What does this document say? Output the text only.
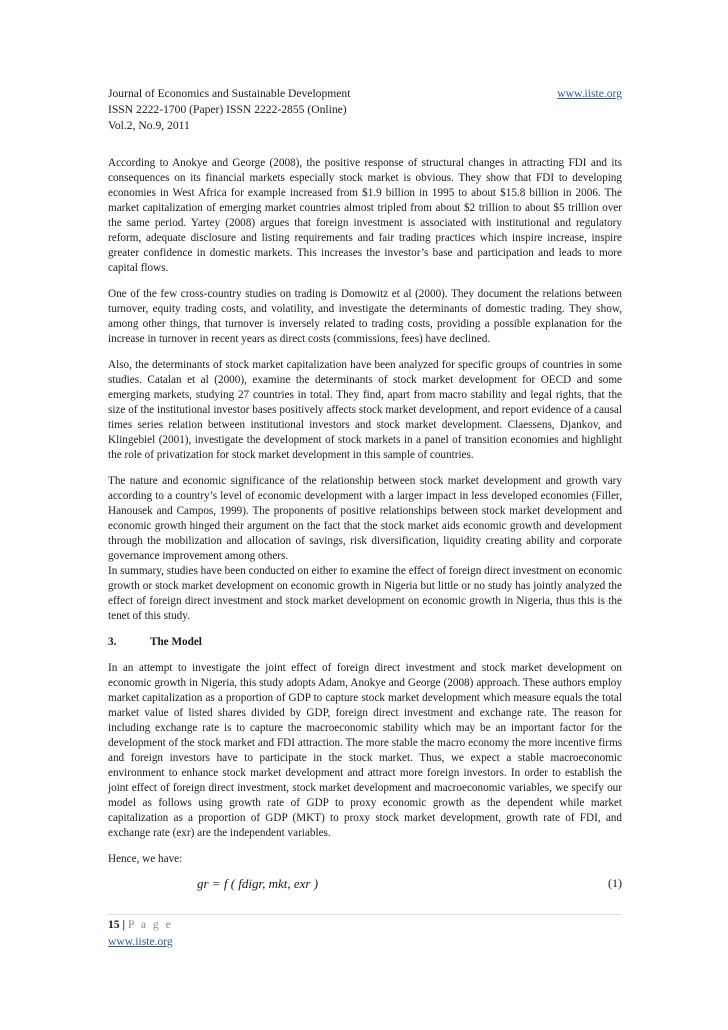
Journal of Economics and Sustainable Development
ISSN 2222-1700 (Paper) ISSN 2222-2855 (Online)
Vol.2, No.9, 2011
www.iiste.org

According to Anokye and George (2008), the positive response of structural changes in attracting FDI and its consequences on its financial markets especially stock market is obvious. They show that FDI to developing economies in West Africa for example increased from $1.9 billion in 1995 to about $15.8 billion in 2006. The market capitalization of emerging market countries almost tripled from about $2 trillion to about $5 trillion over the same period. Yartey (2008) argues that foreign investment is associated with institutional and regulatory reform, adequate disclosure and listing requirements and fair trading practices which inspire increase, inspire greater confidence in domestic markets. This increases the investor’s base and participation and leads to more capital flows.

One of the few cross-country studies on trading is Domowitz et al (2000). They document the relations between turnover, equity trading costs, and volatility, and investigate the determinants of domestic trading. They show, among other things, that turnover is inversely related to trading costs, providing a possible explanation for the increase in turnover in recent years as direct costs (commissions, fees) have declined.

Also, the determinants of stock market capitalization have been analyzed for specific groups of countries in some studies. Catalan et al (2000), examine the determinants of stock market development for OECD and some emerging markets, studying 27 countries in total. They find, apart from macro stability and legal rights, that the size of the institutional investor bases positively affects stock market development, and report evidence of a causal times series relation between institutional investors and stock market development. Claessens, Djankov, and Klingebiel (2001), investigate the development of stock markets in a panel of transition economies and highlight the role of privatization for stock market development in this sample of countries.

The nature and economic significance of the relationship between stock market development and growth vary according to a country’s level of economic development with a larger impact in less developed economies (Filler, Hanousek and Campos, 1999). The proponents of positive relationships between stock market development and economic growth hinged their argument on the fact that the stock market aids economic growth and development through the mobilization and allocation of savings, risk diversification, liquidity creating ability and corporate governance improvement among others.

In summary, studies have been conducted on either to examine the effect of foreign direct investment on economic growth or stock market development on economic growth in Nigeria but little or no study has jointly analyzed the effect of foreign direct investment and stock market development on economic growth in Nigeria, thus this is the tenet of this study.

3.	The Model

In an attempt to investigate the joint effect of foreign direct investment and stock market development on economic growth in Nigeria, this study adopts Adam, Anokye and George (2008) approach. These authors employ market capitalization as a proportion of GDP to capture stock market development which measure equals the total market value of listed shares divided by GDP, foreign direct investment and exchange rate. The reason for including exchange rate is to capture the macroeconomic stability which may be an important factor for the development of the stock market and FDI attraction. The more stable the macro economy the more incentive firms and foreign investors have to participate in the stock market. Thus, we expect a stable macroeconomic environment to enhance stock market development and attract more foreign investors. In order to establish the joint effect of foreign direct investment, stock market development and macroeconomic variables, we specify our model as follows using growth rate of GDP to proxy economic growth as the dependent while market capitalization as a proportion of GDP (MKT) to proxy stock market development, growth rate of FDI, and exchange rate (exr) are the independent variables.

Hence, we have:

gr = f ( fdigr, mkt, exr )	(1)
15 | P a g e
www.iiste.org
